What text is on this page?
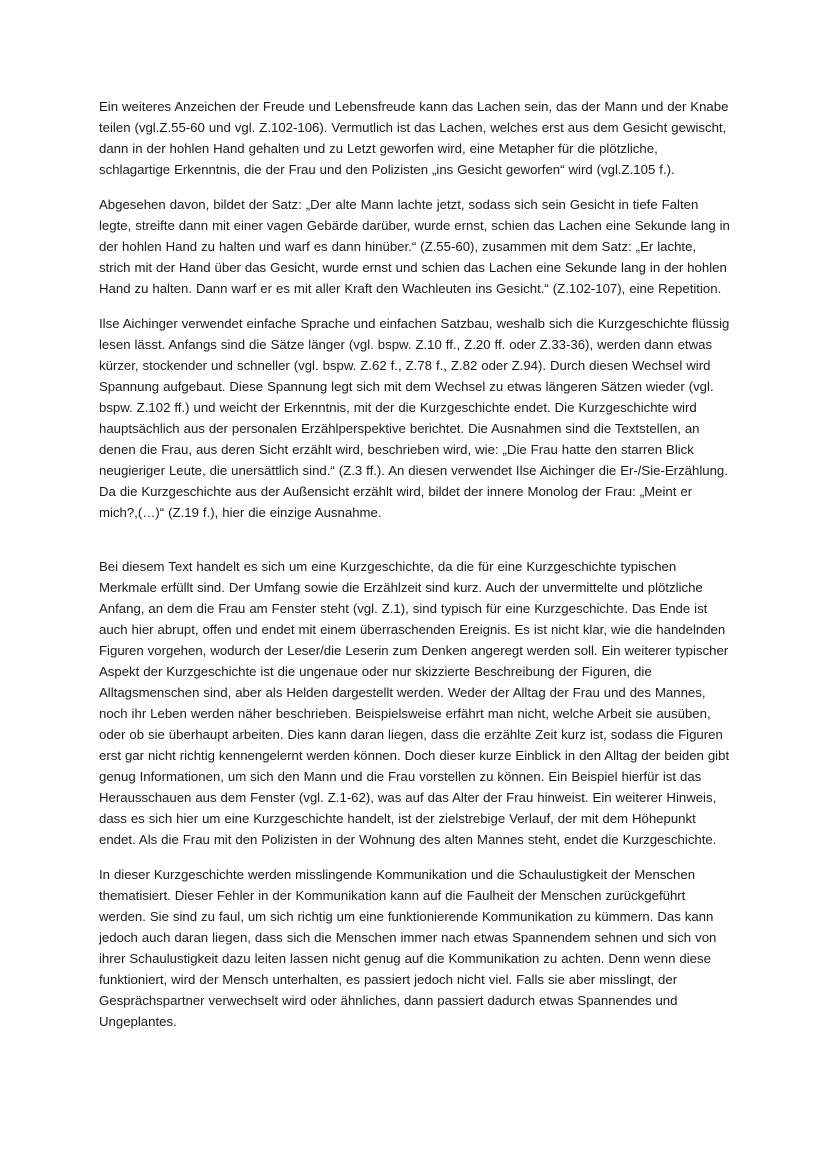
Ein weiteres Anzeichen der Freude und Lebensfreude kann das Lachen sein, das der Mann und der Knabe teilen (vgl.Z.55-60 und vgl. Z.102-106). Vermutlich ist das Lachen, welches erst aus dem Gesicht gewischt, dann in der hohlen Hand gehalten und zu Letzt geworfen wird, eine Metapher für die plötzliche, schlagartige Erkenntnis, die der Frau und den Polizisten „ins Gesicht geworfen“ wird (vgl.Z.105 f.).

Abgesehen davon, bildet der Satz: „Der alte Mann lachte jetzt, sodass sich sein Gesicht in tiefe Falten legte, streifte dann mit einer vagen Gebärde darüber, wurde ernst, schien das Lachen eine Sekunde lang in der hohlen Hand zu halten und warf es dann hinüber.“ (Z.55-60), zusammen mit dem Satz: „Er lachte, strich mit der Hand über das Gesicht, wurde ernst und schien das Lachen eine Sekunde lang in der hohlen Hand zu halten. Dann warf er es mit aller Kraft den Wachleuten ins Gesicht.“ (Z.102-107), eine Repetition.

Ilse Aichinger verwendet einfache Sprache und einfachen Satzbau, weshalb sich die Kurzgeschichte flüssig lesen lässt. Anfangs sind die Sätze länger (vgl. bspw. Z.10 ff., Z.20 ff. oder Z.33-36), werden dann etwas kürzer, stockender und schneller (vgl. bspw. Z.62 f., Z.78 f., Z.82 oder Z.94). Durch diesen Wechsel wird Spannung aufgebaut. Diese Spannung legt sich mit dem Wechsel zu etwas längeren Sätzen wieder (vgl. bspw. Z.102 ff.) und weicht der Erkenntnis, mit der die Kurzgeschichte endet. Die Kurzgeschichte wird hauptsächlich aus der personalen Erzählperspektive berichtet. Die Ausnahmen sind die Textstellen, an denen die Frau, aus deren Sicht erzählt wird, beschrieben wird, wie: „Die Frau hatte den starren Blick neugieriger Leute, die unersättlich sind.“ (Z.3 ff.). An diesen verwendet Ilse Aichinger die Er-/Sie-Erzählung. Da die Kurzgeschichte aus der Außensicht erzählt wird, bildet der innere Monolog der Frau: „Meint er mich?,(…)“ (Z.19 f.), hier die einzige Ausnahme.

Bei diesem Text handelt es sich um eine Kurzgeschichte, da die für eine Kurzgeschichte typischen Merkmale erfüllt sind. Der Umfang sowie die Erzählzeit sind kurz. Auch der unvermittelte und plötzliche Anfang, an dem die Frau am Fenster steht (vgl. Z.1), sind typisch für eine Kurzgeschichte. Das Ende ist auch hier abrupt, offen und endet mit einem überraschenden Ereignis. Es ist nicht klar, wie die handelnden Figuren vorgehen, wodurch der Leser/die Leserin zum Denken angeregt werden soll. Ein weiterer typischer Aspekt der Kurzgeschichte ist die ungenaue oder nur skizzierte Beschreibung der Figuren, die Alltagsmenschen sind, aber als Helden dargestellt werden. Weder der Alltag der Frau und des Mannes, noch ihr Leben werden näher beschrieben. Beispielsweise erfährt man nicht, welche Arbeit sie ausüben, oder ob sie überhaupt arbeiten. Dies kann daran liegen, dass die erzählte Zeit kurz ist, sodass die Figuren erst gar nicht richtig kennengelernt werden können. Doch dieser kurze Einblick in den Alltag der beiden gibt genug Informationen, um sich den Mann und die Frau vorstellen zu können. Ein Beispiel hierfür ist das Herausschauen aus dem Fenster (vgl. Z.1-62), was auf das Alter der Frau hinweist. Ein weiterer Hinweis, dass es sich hier um eine Kurzgeschichte handelt, ist der zielstrebige Verlauf, der mit dem Höhepunkt endet. Als die Frau mit den Polizisten in der Wohnung des alten Mannes steht, endet die Kurzgeschichte.

In dieser Kurzgeschichte werden misslingende Kommunikation und die Schaulustigkeit der Menschen thematisiert. Dieser Fehler in der Kommunikation kann auf die Faulheit der Menschen zurückgeführt werden. Sie sind zu faul, um sich richtig um eine funktionierende Kommunikation zu kümmern. Das kann jedoch auch daran liegen, dass sich die Menschen immer nach etwas Spannendem sehnen und sich von ihrer Schaulustigkeit dazu leiten lassen nicht genug auf die Kommunikation zu achten. Denn wenn diese funktioniert, wird der Mensch unterhalten, es passiert jedoch nicht viel. Falls sie aber misslingt, der Gesprächspartner verwechselt wird oder ähnliches, dann passiert dadurch etwas Spannendes und Ungeplantes.
